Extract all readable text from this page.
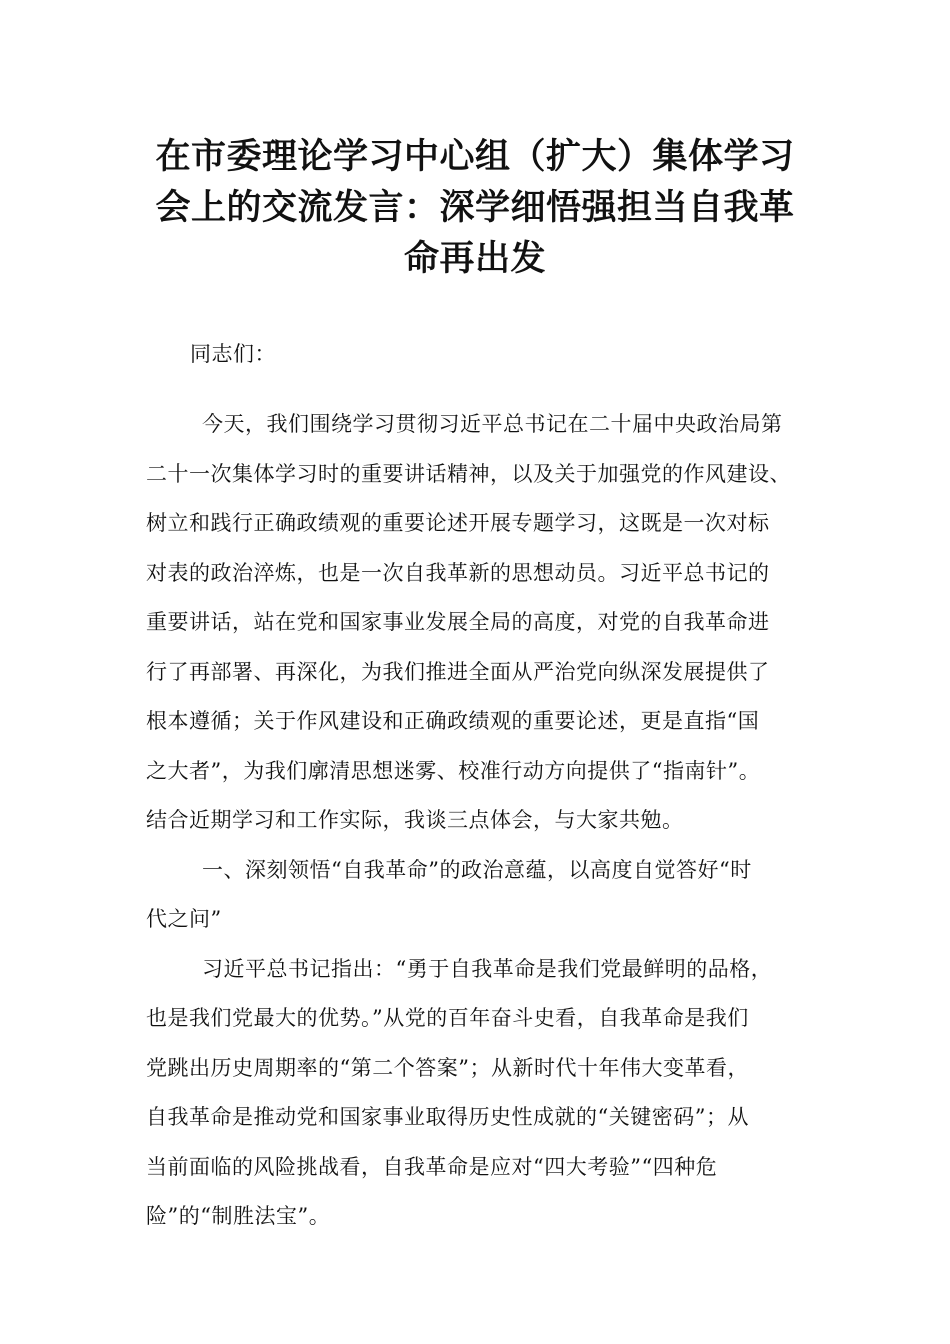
在市委理论学习中心组（扩大）集体学习
会上的交流发言：深学细悟强担当自我革
命再出发

同志们：

今天，我们围绕学习贯彻习近平总书记在二十届中央政治局第
二十一次集体学习时的重要讲话精神，以及关于加强党的作风建设、
树立和践行正确政绩观的重要论述开展专题学习，这既是一次对标
对表的政治淬炼，也是一次自我革新的思想动员。习近平总书记的
重要讲话，站在党和国家事业发展全局的高度，对党的自我革命进
行了再部署、再深化，为我们推进全面从严治党向纵深发展提供了
根本遵循；关于作风建设和正确政绩观的重要论述，更是直指“国
之大者”，为我们廓清思想迷雾、校准行动方向提供了“指南针”。
结合近期学习和工作实际，我谈三点体会，与大家共勉。
一、深刻领悟“自我革命”的政治意蕴，以高度自觉答好“时
代之问”
习近平总书记指出：“勇于自我革命是我们党最鲜明的品格，
也是我们党最大的优势。”从党的百年奋斗史看，自我革命是我们
党跳出历史周期率的“第二个答案”；从新时代十年伟大变革看，
自我革命是推动党和国家事业取得历史性成就的“关键密码”；从
当前面临的风险挑战看，自我革命是应对“四大考验”“四种危
险”的“制胜法宝”。
